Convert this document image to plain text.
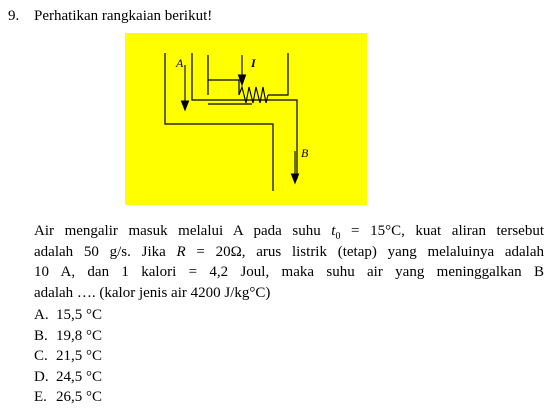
9. Perhatikan rangkaian berikut!
A	I
B
Air mengalir masuk melalui A pada suhu $t_0 = 15^\circ C$, kuat aliran tersebut
adalah 50 g/s. Jika R = 20Ω, arus listrik (tetap) yang melaluinya adalah
10 A, dan 1 kalori = 4,2 Joul, maka suhu air yang meninggalkan B
adalah …. (kalor jenis air 4200 J/kg°C)
A. 15,5 °C
B. 19,8 °C
C. 21,5 °C
D. 24,5 °C
E. 26,5 °C
